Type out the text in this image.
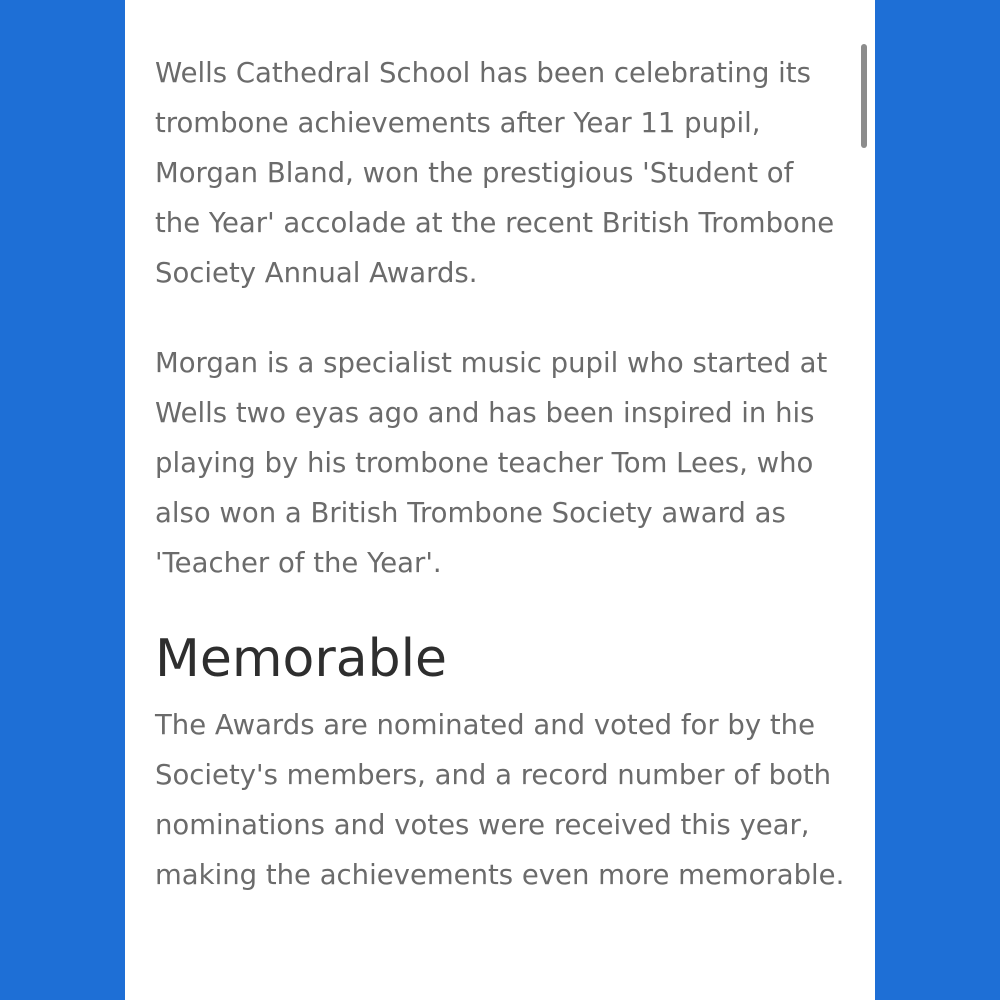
Wells Cathedral School has been celebrating its trombone achievements after Year 11 pupil, Morgan Bland, won the prestigious 'Student of the Year' accolade at the recent British Trombone Society Annual Awards.

Morgan is a specialist music pupil who started at Wells two eyas ago and has been inspired in his playing by his trombone teacher Tom Lees, who also won a British Trombone Society award as 'Teacher of the Year'.

Memorable

The Awards are nominated and voted for by the Society's members, and a record number of both nominations and votes were received this year, making the achievements even more memorable.
